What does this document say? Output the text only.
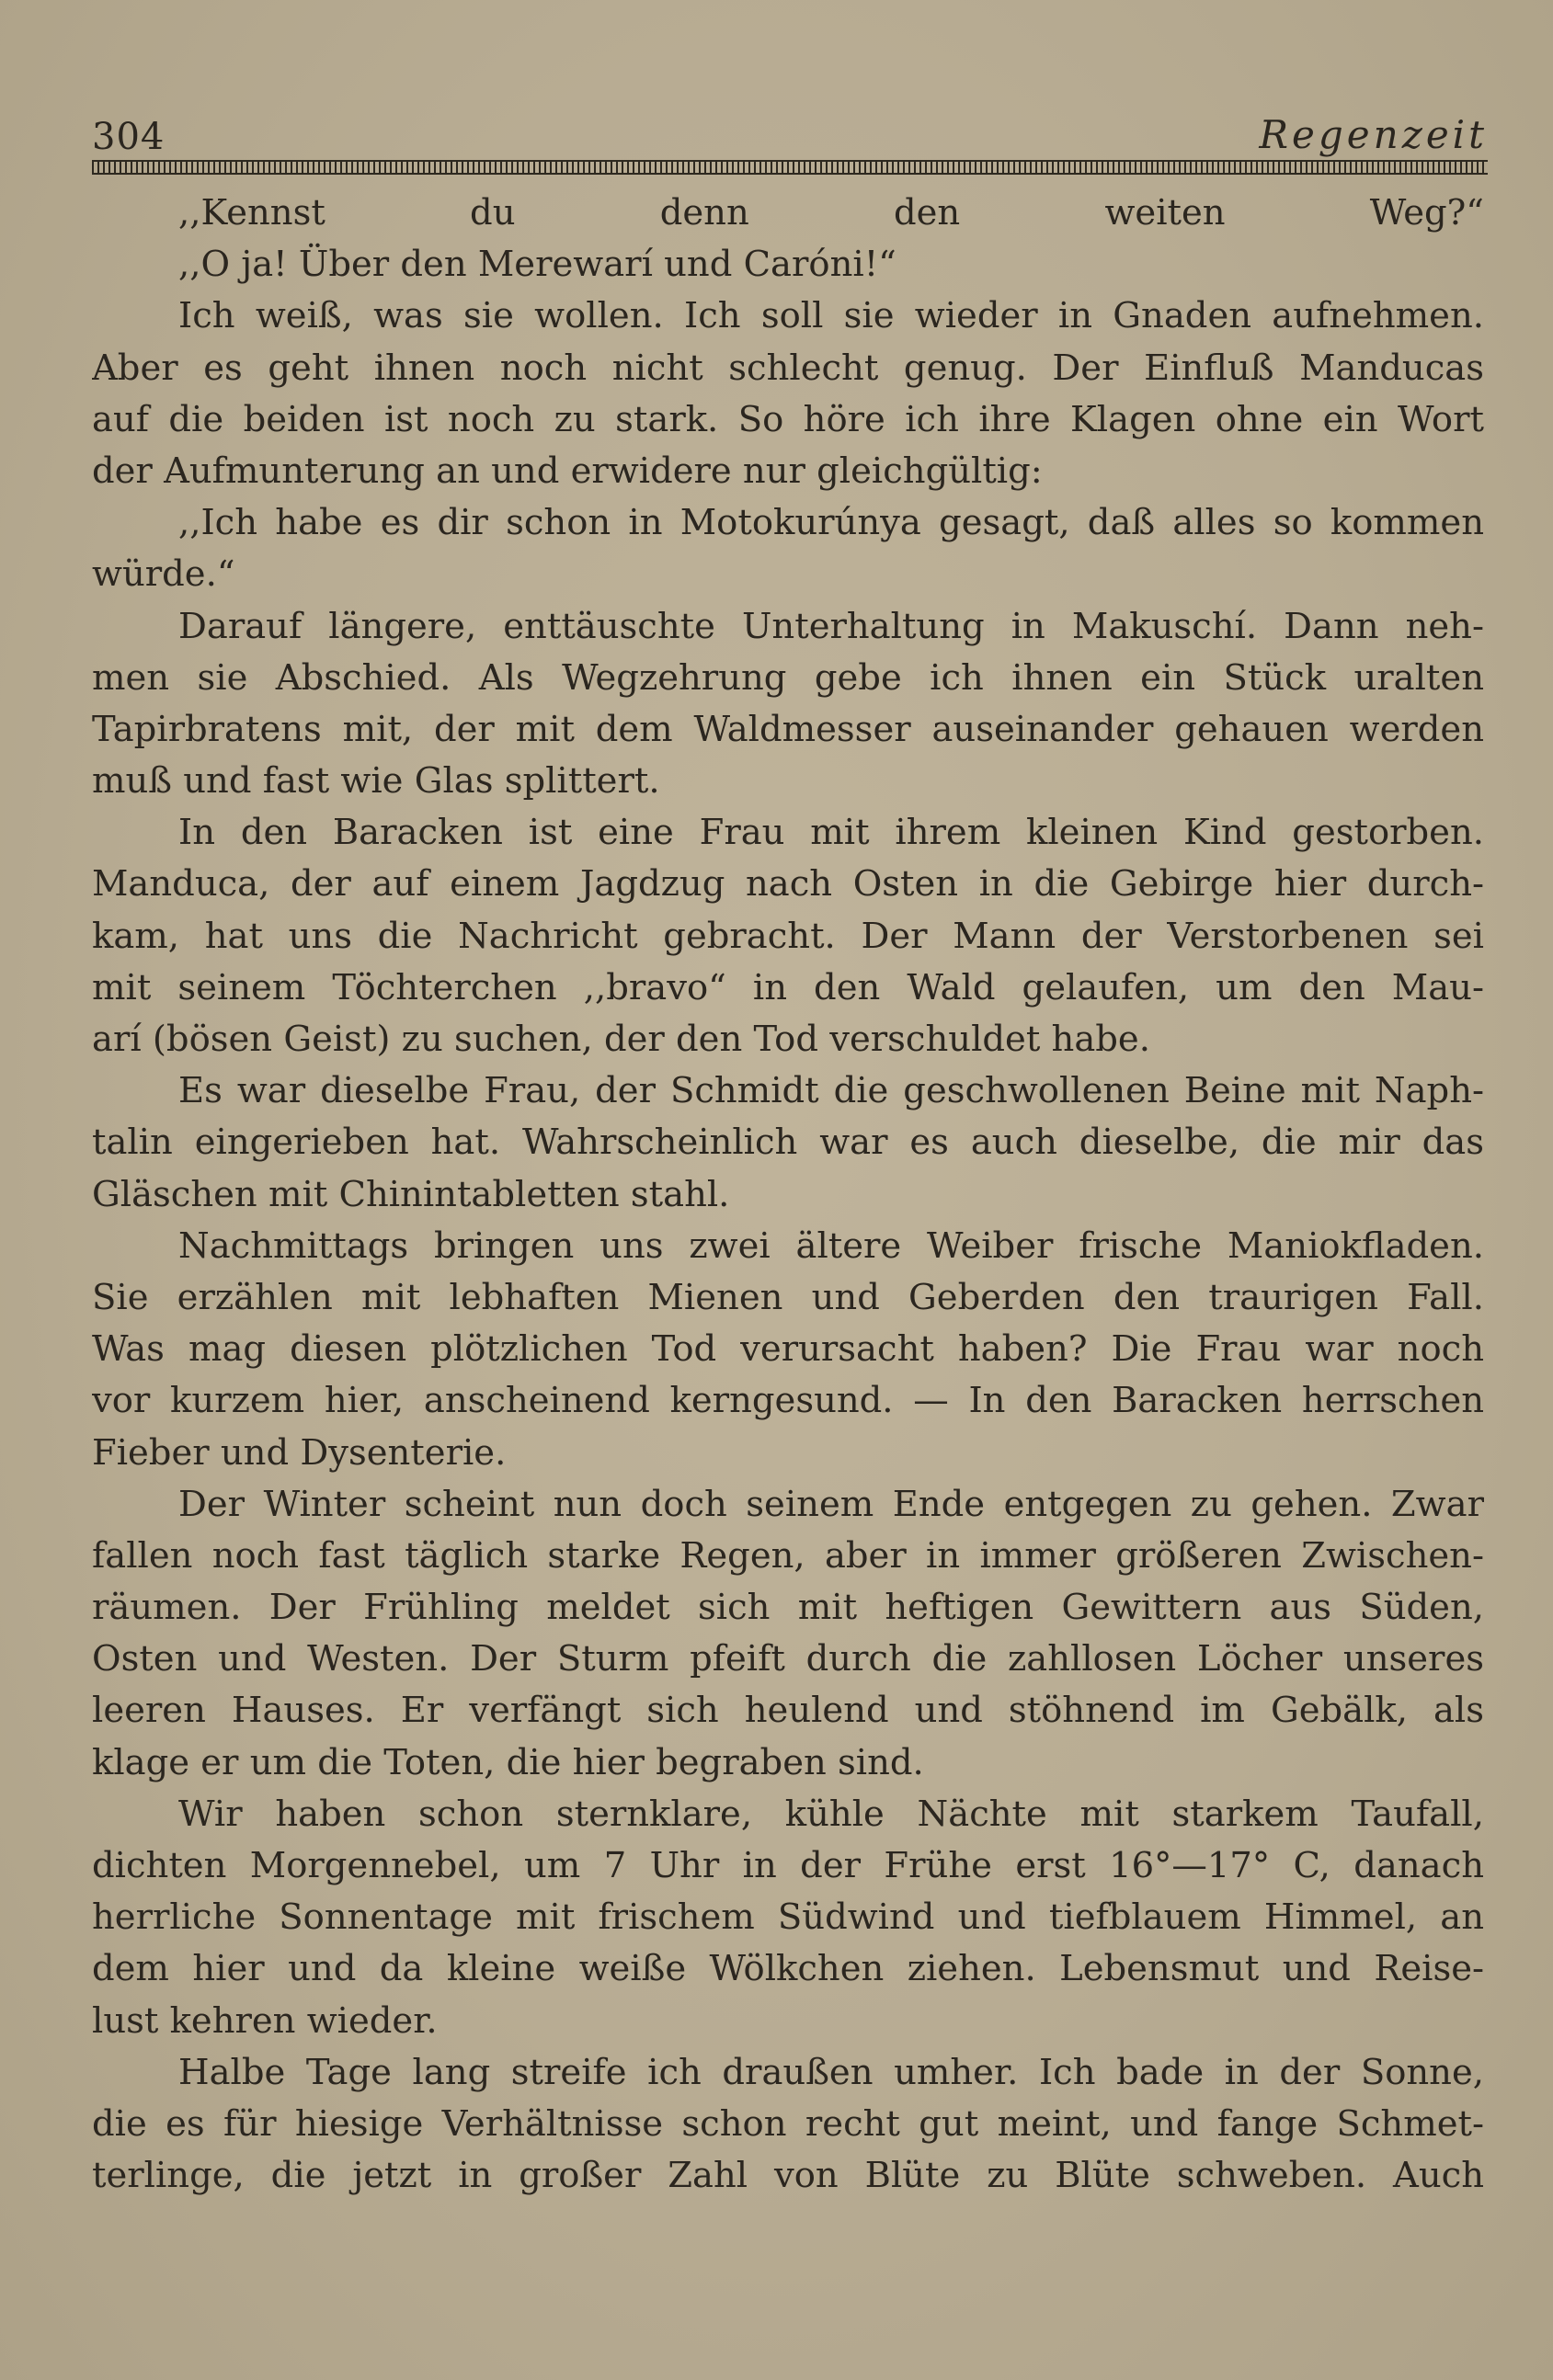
304	Regenzeit
,,Kennst du denn den weiten Weg?“
,,O ja! Über den Merewarí und Caróni!“
Ich weiß, was sie wollen. Ich soll sie wieder in Gnaden aufnehmen.
Aber es geht ihnen noch nicht schlecht genug. Der Einfluß Manducas
auf die beiden ist noch zu stark. So höre ich ihre Klagen ohne ein Wort
der Aufmunterung an und erwidere nur gleichgültig:
,,Ich habe es dir schon in Motokurúnya gesagt, daß alles so kommen
würde.“
Darauf längere, enttäuschte Unterhaltung in Makuschí. Dann neh-
men sie Abschied. Als Wegzehrung gebe ich ihnen ein Stück uralten
Tapirbratens mit, der mit dem Waldmesser auseinander gehauen werden
muß und fast wie Glas splittert.
In den Baracken ist eine Frau mit ihrem kleinen Kind gestorben.
Manduca, der auf einem Jagdzug nach Osten in die Gebirge hier durch-
kam, hat uns die Nachricht gebracht. Der Mann der Verstorbenen sei
mit seinem Töchterchen ,,bravo“ in den Wald gelaufen, um den Mau-
arí (bösen Geist) zu suchen, der den Tod verschuldet habe.
Es war dieselbe Frau, der Schmidt die geschwollenen Beine mit Naph-
talin eingerieben hat. Wahrscheinlich war es auch dieselbe, die mir das
Gläschen mit Chinintabletten stahl.
Nachmittags bringen uns zwei ältere Weiber frische Maniokfladen.
Sie erzählen mit lebhaften Mienen und Geberden den traurigen Fall.
Was mag diesen plötzlichen Tod verursacht haben? Die Frau war noch
vor kurzem hier, anscheinend kerngesund. — In den Baracken herrschen
Fieber und Dysenterie.
Der Winter scheint nun doch seinem Ende entgegen zu gehen. Zwar
fallen noch fast täglich starke Regen, aber in immer größeren Zwischen-
räumen. Der Frühling meldet sich mit heftigen Gewittern aus Süden,
Osten und Westen. Der Sturm pfeift durch die zahllosen Löcher unseres
leeren Hauses. Er verfängt sich heulend und stöhnend im Gebälk, als
klage er um die Toten, die hier begraben sind.
Wir haben schon sternklare, kühle Nächte mit starkem Taufall,
dichten Morgennebel, um 7 Uhr in der Frühe erst 16°—17° C, danach
herrliche Sonnentage mit frischem Südwind und tiefblauem Himmel, an
dem hier und da kleine weiße Wölkchen ziehen. Lebensmut und Reise-
lust kehren wieder.
Halbe Tage lang streife ich draußen umher. Ich bade in der Sonne,
die es für hiesige Verhältnisse schon recht gut meint, und fange Schmet-
terlinge, die jetzt in großer Zahl von Blüte zu Blüte schweben. Auch
